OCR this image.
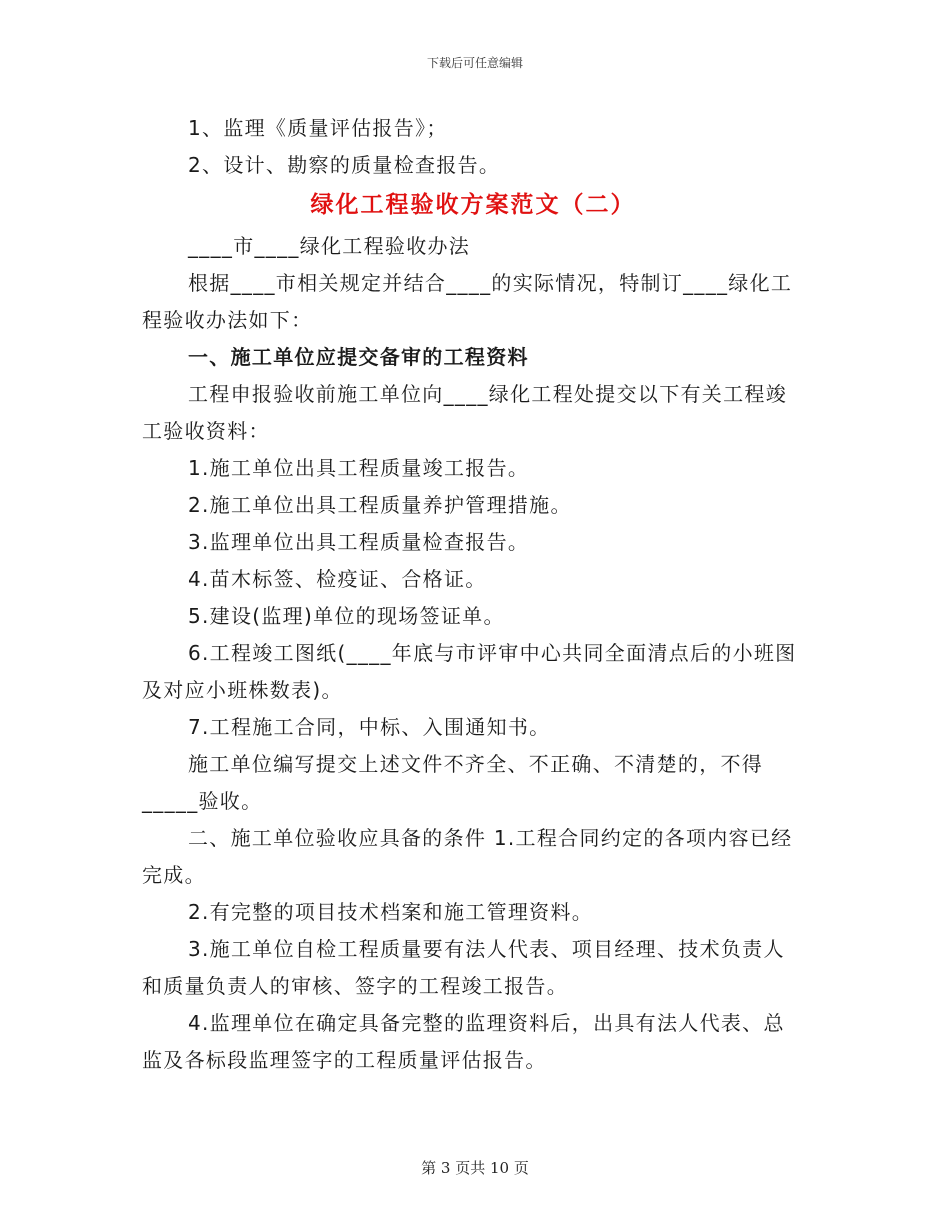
下载后可任意编辑

1、监理《质量评估报告》；

2、设计、勘察的质量检查报告。

绿化工程验收方案范文（二）

____市____绿化工程验收办法

根据____市相关规定并结合____的实际情况，特制订____绿化工程验收办法如下：

一、施工单位应提交备审的工程资料

工程申报验收前施工单位向____绿化工程处提交以下有关工程竣工验收资料：

1.施工单位出具工程质量竣工报告。

2.施工单位出具工程质量养护管理措施。

3.监理单位出具工程质量检查报告。

4.苗木标签、检疫证、合格证。

5.建设(监理)单位的现场签证单。

6.工程竣工图纸(____年底与市评审中心共同全面清点后的小班图及对应小班株数表)。

7.工程施工合同，中标、入围通知书。

施工单位编写提交上述文件不齐全、不正确、不清楚的，不得_____验收。

二、施工单位验收应具备的条件 1.工程合同约定的各项内容已经完成。

2.有完整的项目技术档案和施工管理资料。

3.施工单位自检工程质量要有法人代表、项目经理、技术负责人和质量负责人的审核、签字的工程竣工报告。

4.监理单位在确定具备完整的监理资料后，出具有法人代表、总监及各标段监理签字的工程质量评估报告。

第 3 页共 10 页
